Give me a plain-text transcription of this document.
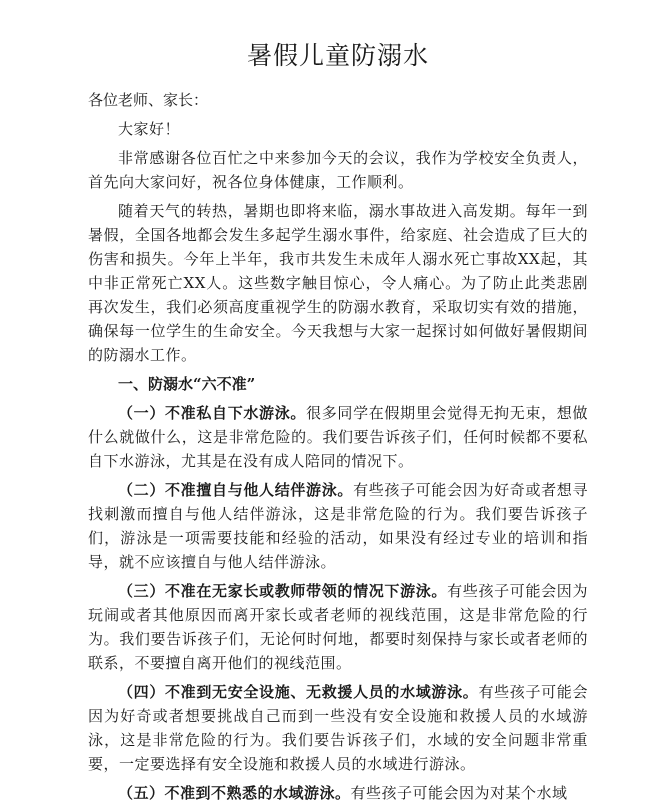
暑假儿童防溺水

各位老师、家长：

大家好！

非常感谢各位百忙之中来参加今天的会议，我作为学校安全负责人，首先向大家问好，祝各位身体健康，工作顺利。

随着天气的转热，暑期也即将来临，溺水事故进入高发期。每年一到暑假，全国各地都会发生多起学生溺水事件，给家庭、社会造成了巨大的伤害和损失。今年上半年，我市共发生未成年人溺水死亡事故XX起，其中非正常死亡XX人。这些数字触目惊心，令人痛心。为了防止此类悲剧再次发生，我们必须高度重视学生的防溺水教育，采取切实有效的措施，确保每一位学生的生命安全。今天我想与大家一起探讨如何做好暑假期间的防溺水工作。

一、防溺水“六不准”

（一）不准私自下水游泳。很多同学在假期里会觉得无拘无束，想做什么就做什么，这是非常危险的。我们要告诉孩子们，任何时候都不要私自下水游泳，尤其是在没有成人陪同的情况下。

（二）不准擅自与他人结伴游泳。有些孩子可能会因为好奇或者想寻找刺激而擅自与他人结伴游泳，这是非常危险的行为。我们要告诉孩子们，游泳是一项需要技能和经验的活动，如果没有经过专业的培训和指导，就不应该擅自与他人结伴游泳。

（三）不准在无家长或教师带领的情况下游泳。有些孩子可能会因为玩闹或者其他原因而离开家长或者老师的视线范围，这是非常危险的行为。我们要告诉孩子们，无论何时何地，都要时刻保持与家长或者老师的联系，不要擅自离开他们的视线范围。

（四）不准到无安全设施、无救援人员的水域游泳。有些孩子可能会因为好奇或者想要挑战自己而到一些没有安全设施和救援人员的水域游泳，这是非常危险的行为。我们要告诉孩子们，水域的安全问题非常重要，一定要选择有安全设施和救援人员的水域进行游泳。

（五）不准到不熟悉的水域游泳。有些孩子可能会因为对某个水域
